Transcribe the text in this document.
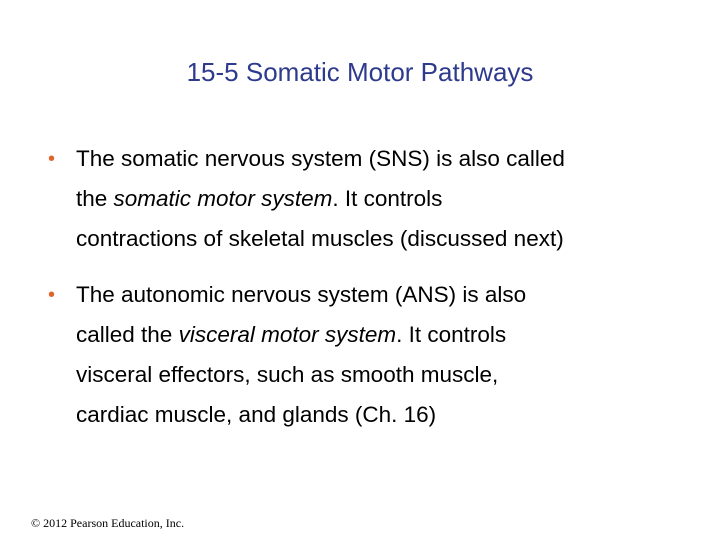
15-5 Somatic Motor Pathways
• The somatic nervous system (SNS) is also called
the somatic motor system. It controls
contractions of skeletal muscles (discussed next)
• The autonomic nervous system (ANS) is also
called the visceral motor system. It controls
visceral effectors, such as smooth muscle,
cardiac muscle, and glands (Ch. 16)
© 2012 Pearson Education, Inc.
